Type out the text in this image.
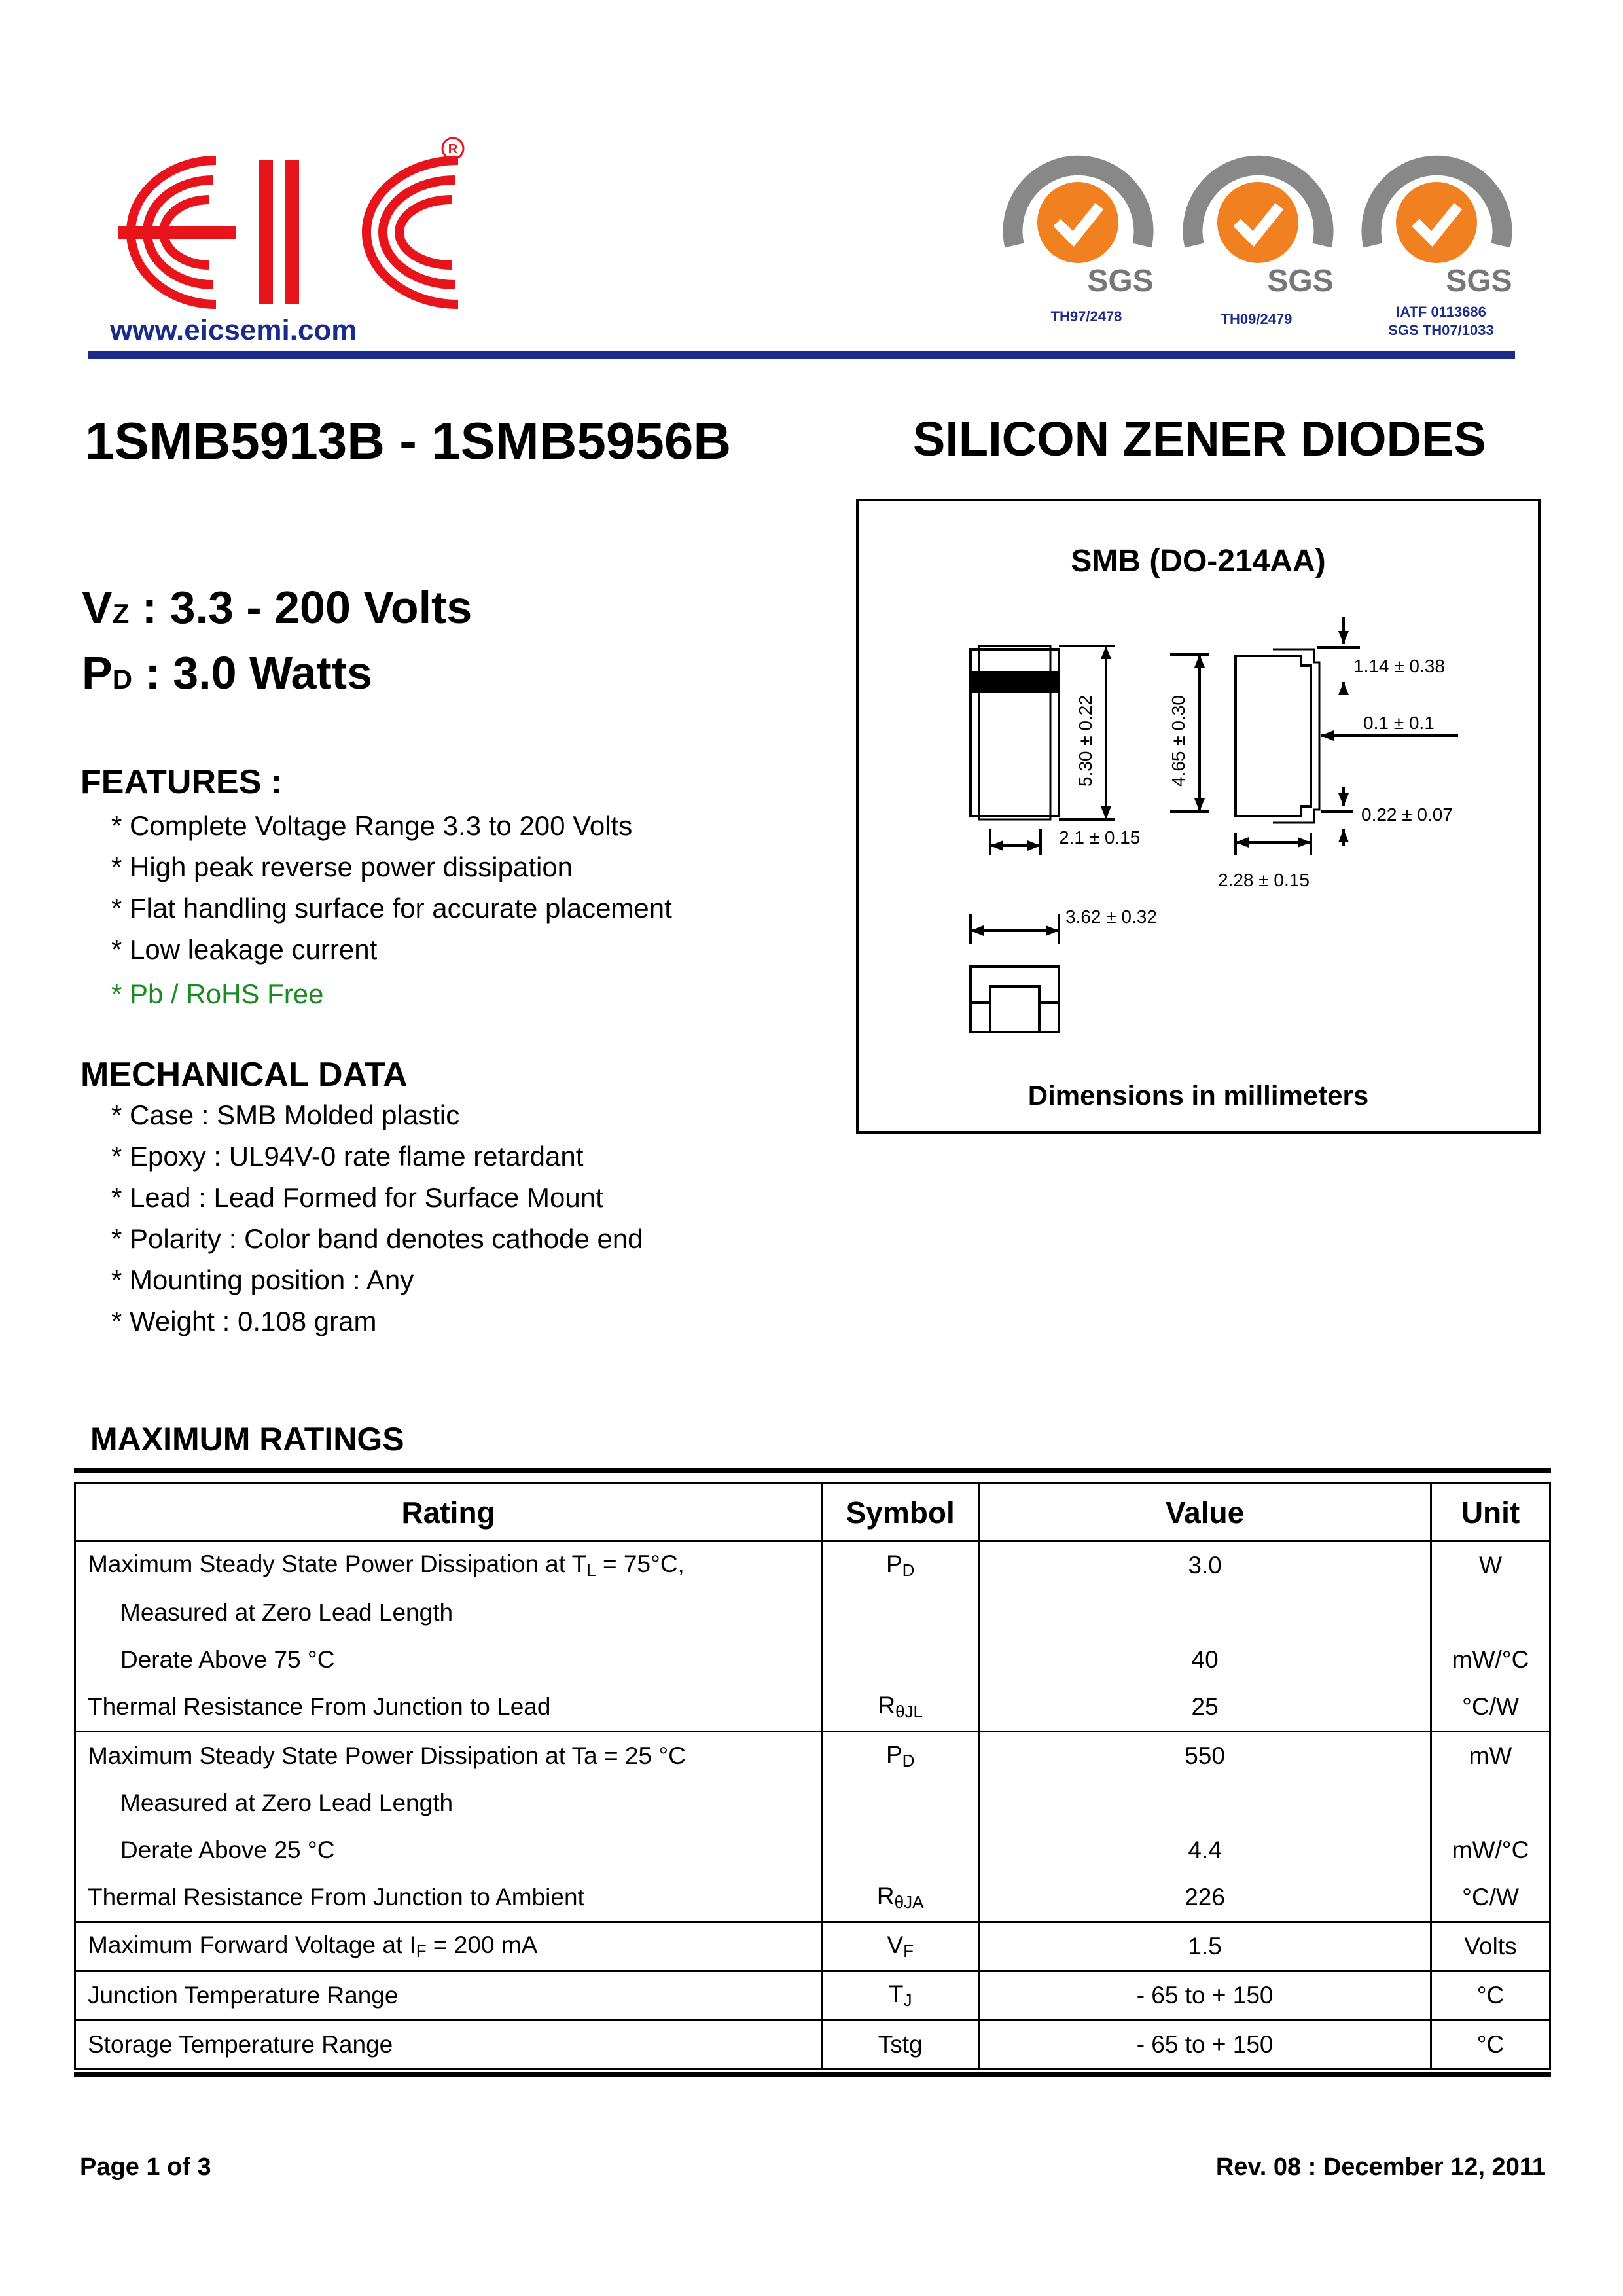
R
www.eicsemi.com
SGS	SGS	SGS
TH97/2478	TH09/2479	IATF 0113686
SGS TH07/1033
1SMB5913B - 1SMB5956B	SILICON ZENER DIODES
VZ : 3.3 - 200 Volts
PD : 3.0 Watts
FEATURES :
* Complete Voltage Range 3.3 to 200 Volts
* High peak reverse power dissipation
* Flat handling surface for accurate placement
* Low leakage current
* Pb / RoHS Free
MECHANICAL DATA
* Case : SMB Molded plastic
* Epoxy : UL94V-0 rate flame retardant
* Lead : Lead Formed for Surface Mount
* Polarity : Color band denotes cathode end
* Mounting position : Any
* Weight : 0.108 gram
SMB (DO-214AA)
5.30 ± 0.22	4.65 ± 0.30
1.14 ± 0.38
0.1 ± 0.1
0.22 ± 0.07
2.1 ± 0.15
2.28 ± 0.15
3.62 ± 0.32
Dimensions in millimeters
MAXIMUM RATINGS
Rating	Symbol	Value	Unit
Maximum Steady State Power Dissipation at $T_L = 75^\circ C$,	$P_D$	3.0	W
Measured at Zero Lead Length			
Derate Above 75 °C		40	mW/°C
Thermal Resistance From Junction to Lead	$R_{\theta JL}$	25	°C/W
Maximum Steady State Power Dissipation at Ta = 25 °C	$P_D$	550	mW
Measured at Zero Lead Length			
Derate Above 25 °C		4.4	mW/°C
Thermal Resistance From Junction to Ambient	$R_{\theta JA}$	226	°C/W
Maximum Forward Voltage at $I_F = 200$ mA	$V_F$	1.5	Volts
Junction Temperature Range	$T_J$	- 65 to + 150	°C
Storage Temperature Range	Tstg	- 65 to + 150	°C
Page 1 of 3	Rev. 08 : December 12, 2011
